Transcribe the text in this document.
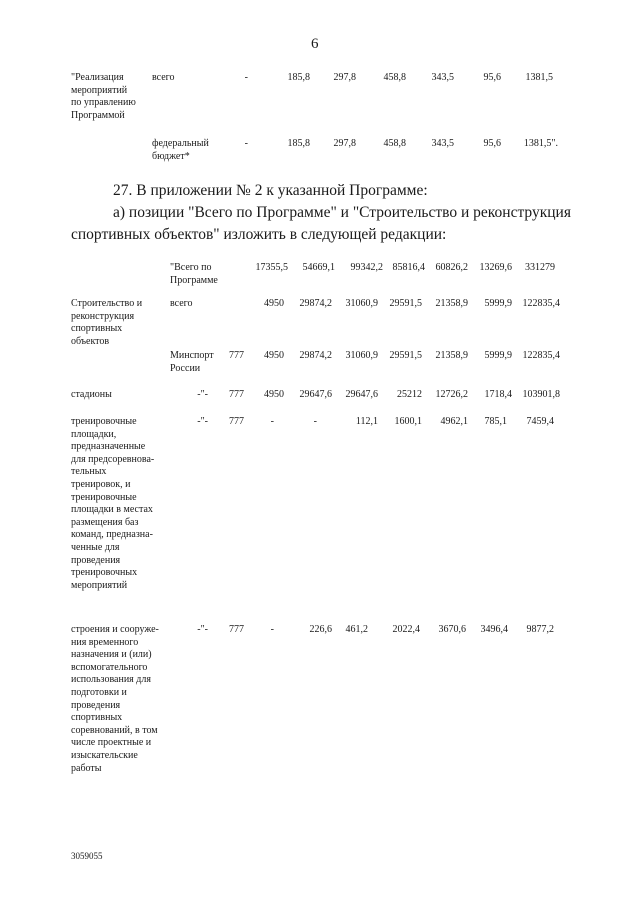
6
"Реализация
мероприятий
по управлению
Программой
всего	-	185,8	297,8	458,8	343,5	95,6	1381,5
федеральный
бюджет*
-	185,8	297,8	458,8	343,5	95,6	1381,5".
27. В приложении № 2 к указанной Программе:
а) позиции "Всего по Программе" и "Строительство и реконструкция
спортивных объектов" изложить в следующей редакции:
"Всего по
Программе
17355,5	54669,1	99342,2 85816,4	60826,2	13269,6	331279
Строительство и
реконструкция
спортивных
объектов
всего	4950	29874,2	31060,9	29591,5	21358,9	5999,9	122835,4
Минспорт
России
777	4950	29874,2	31060,9	29591,5	21358,9	5999,9	122835,4
стадионы	-"-	777	4950	29647,6	29647,6	25212	12726,2	1718,4	103901,8
тренировочные
площадки,
предназначенные
для предсоревнова-
тельных
тренировок, и
тренировочные
площадки в местах
размещения баз
команд, предназна-
ченные для
проведения
тренировочных
мероприятий
-"-	777	-	-	112,1	1600,1	4962,1	785,1	7459,4
строения и сооруже-
ния временного
назначения и (или)
вспомогательного
использования для
подготовки и
проведения
спортивных
соревнований, в том
числе проектные и
изыскательские
работы
-"-	777	-	226,6	461,2	2022,4	3670,6	3496,4	9877,2
3059055
